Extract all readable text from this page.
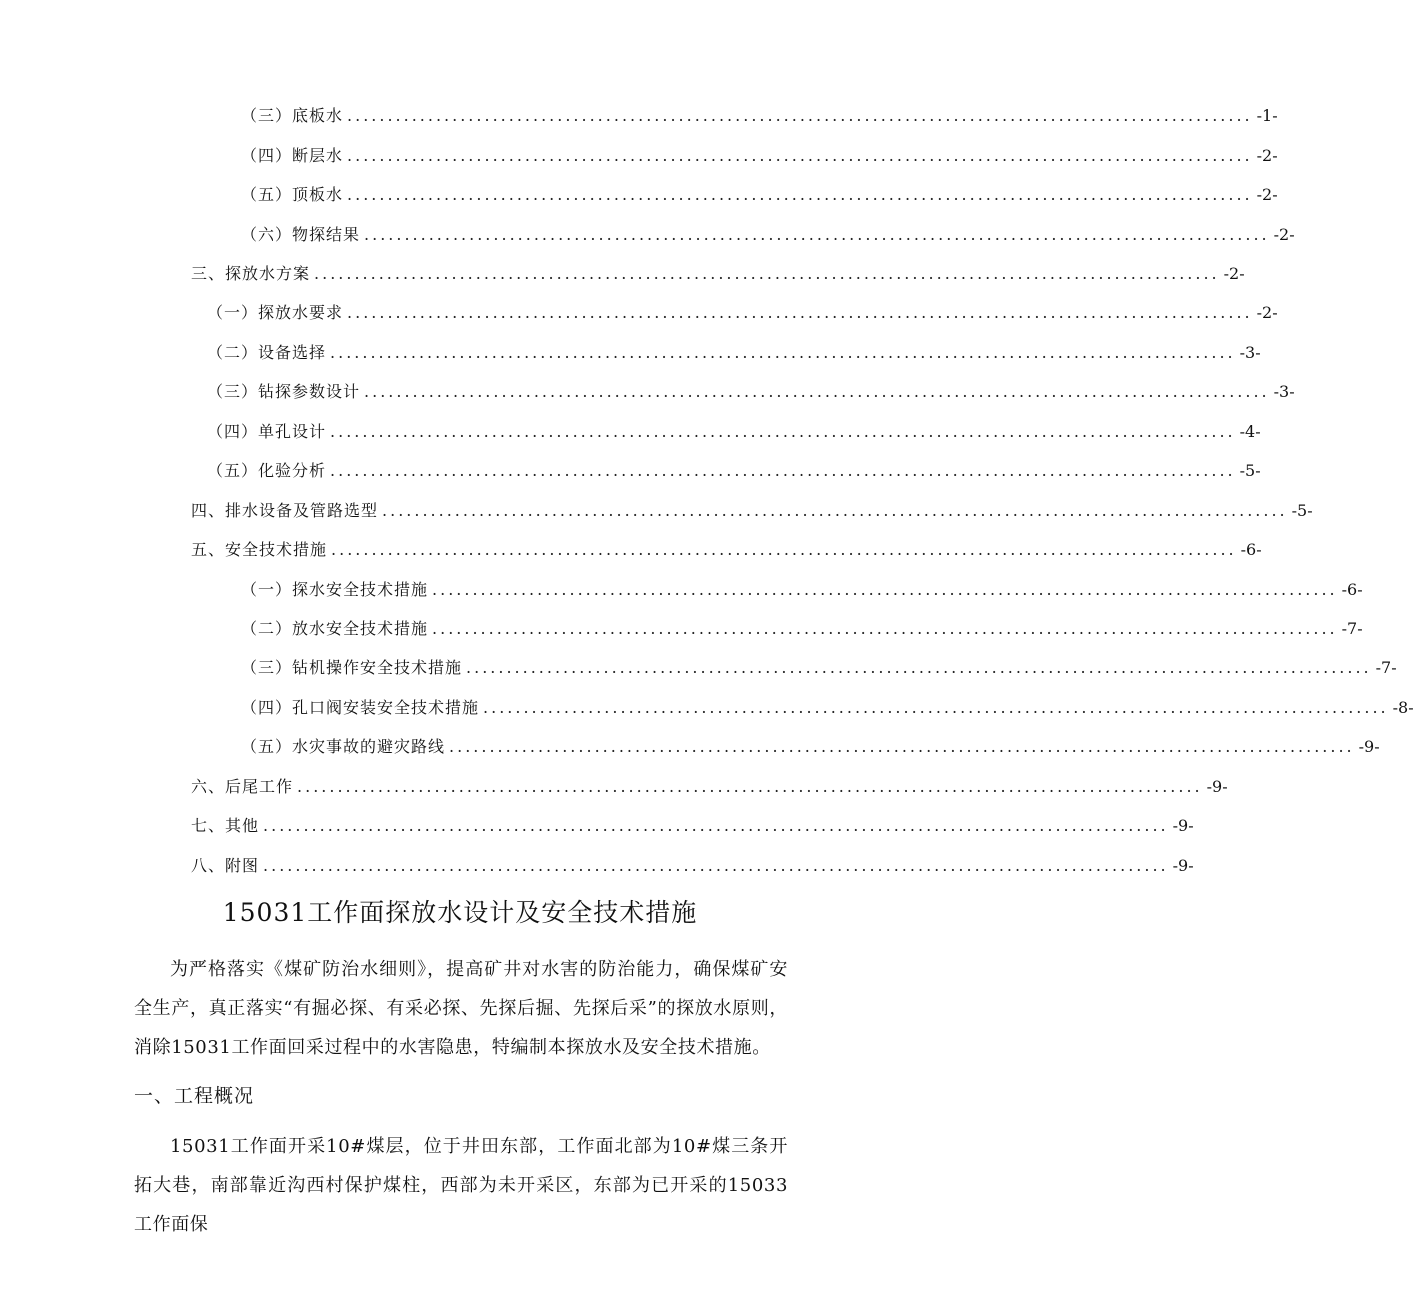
（三）底板水 ................................................................................................................ -1-
（四）断层水 ................................................................................................................ -2-
（五）顶板水 ................................................................................................................ -2-
（六）物探结果 ................................................................................................................ -2-
三、探放水方案 ................................................................................................................ -2-
（一）探放水要求 ................................................................................................................ -2-
（二）设备选择 ................................................................................................................ -3-
（三）钻探参数设计 ................................................................................................................ -3-
（四）单孔设计 ................................................................................................................ -4-
（五）化验分析 ................................................................................................................ -5-
四、排水设备及管路选型 ................................................................................................................ -5-
五、安全技术措施 ................................................................................................................ -6-
（一）探水安全技术措施 ................................................................................................................ -6-
（二）放水安全技术措施 ................................................................................................................ -7-
（三）钻机操作安全技术措施 ................................................................................................................ -7-
（四）孔口阀安装安全技术措施 ................................................................................................................ -8-
（五）水灾事故的避灾路线 ................................................................................................................ -9-
六、后尾工作 ................................................................................................................ -9-
七、其他 ................................................................................................................ -9-
八、附图 ................................................................................................................ -9-
15031工作面探放水设计及安全技术措施

为严格落实《煤矿防治水细则》，提高矿井对水害的防治能力，确保煤矿安全生产，真正落实“有掘必探、有采必探、先探后掘、先探后采”的探放水原则，消除15031工作面回采过程中的水害隐患，特编制本探放水及安全技术措施。

一、工程概况

15031工作面开采10#煤层，位于井田东部，工作面北部为10#煤三条开拓大巷，南部靠近沟西村保护煤柱，西部为未开采区，东部为已开采的15033工作面保
